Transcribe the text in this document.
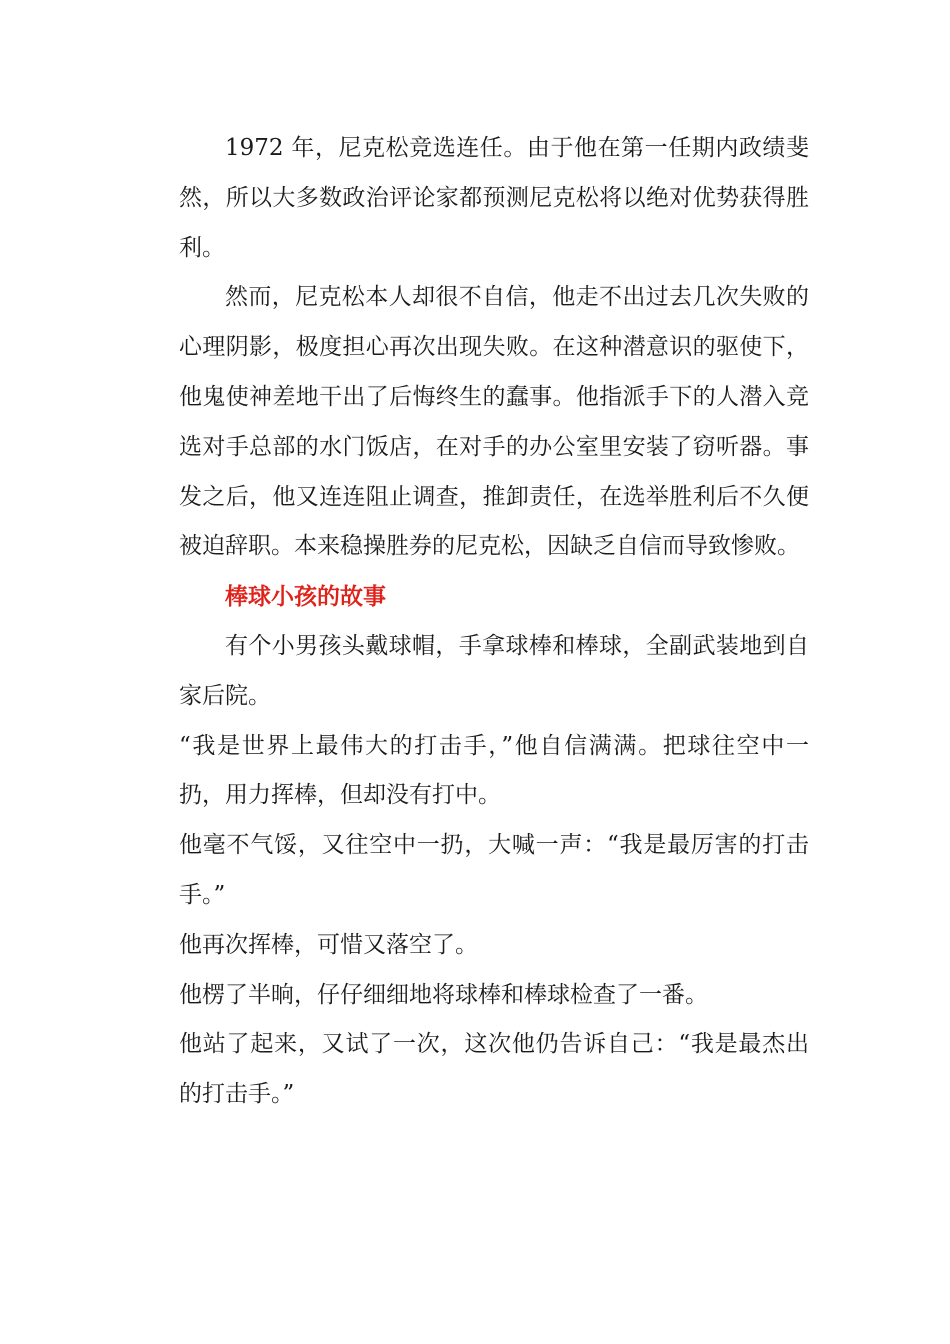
1972 年，尼克松竞选连任。由于他在第一任期内政绩斐然，所以大多数政治评论家都预测尼克松将以绝对优势获得胜利。

然而，尼克松本人却很不自信，他走不出过去几次失败的心理阴影，极度担心再次出现失败。在这种潜意识的驱使下，他鬼使神差地干出了后悔终生的蠢事。他指派手下的人潜入竞选对手总部的水门饭店，在对手的办公室里安装了窃听器。事发之后，他又连连阻止调查，推卸责任，在选举胜利后不久便被迫辞职。本来稳操胜券的尼克松，因缺乏自信而导致惨败。

棒球小孩的故事

有个小男孩头戴球帽，手拿球棒和棒球，全副武装地到自家后院。

“我是世界上最伟大的打击手，”他自信满满。把球往空中一扔，用力挥棒，但却没有打中。

他毫不气馁，又往空中一扔，大喊一声：“我是最厉害的打击手。”

他再次挥棒，可惜又落空了。

他楞了半晌，仔仔细细地将球棒和棒球检查了一番。

他站了起来，又试了一次，这次他仍告诉自己：“我是最杰出的打击手。”
